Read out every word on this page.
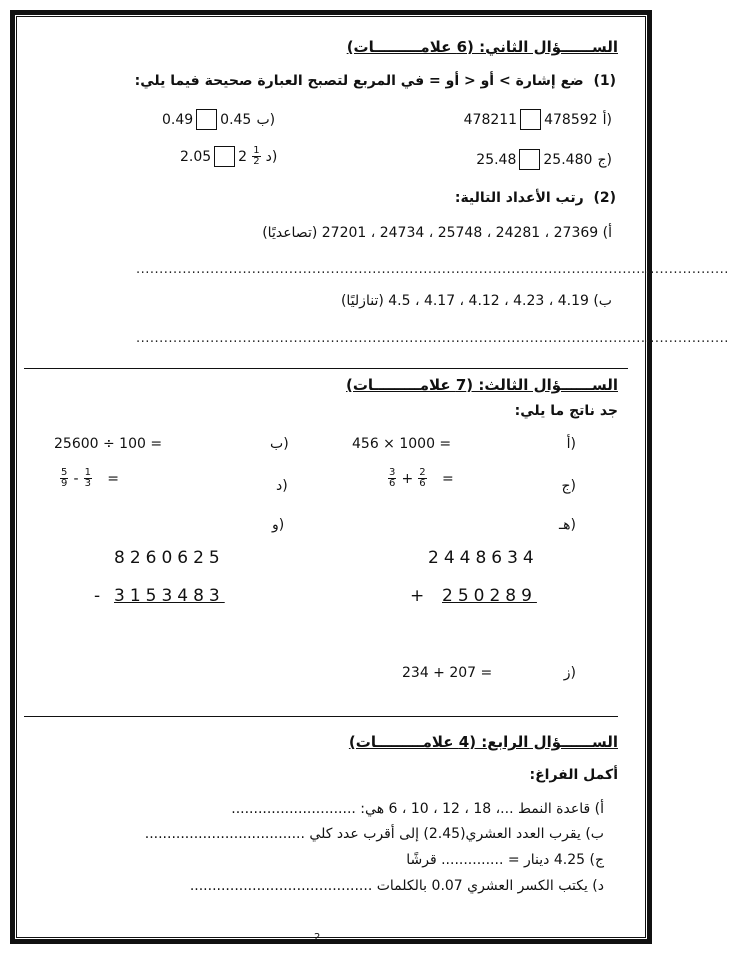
الســــــؤال الثاني: (6 علامـــــــــات)
(1)  ضع إشارة > أو < أو = في المربع لتصبح العبارة صحيحة فيما يلي:
478211 478592 أ)
0.49 0.45 ب)
25.48 25.480 ج)
2.05 $2 \frac{1}{2}$ د)
(2)  رتب الأعداد التالية:
أ) 27369 ، 24281 ، 25748 ، 24734 ، 27201 (تصاعديًا)
................................................................................................................................
ب) 4.19 ، 4.23 ، 4.12 ، 4.17 ، 4.5 (تنازليًا)
................................................................................................................................
الســــــؤال الثالث: (7 علامـــــــــات)
جد ناتج ما يلي:
أ)
456 × 1000 =
ب)
25600 ÷ 100 =
ج)
$\frac{3}{6} + \frac{2}{6}$ =
د)
$\frac{5}{9} - \frac{1}{3}$ =
هـ)
و)
2448634
+ 250289
8260625
- 3153483
ز)
234 + 207 =
الســــــؤال الرابع: (4 علامـــــــــات)
أكمل الفراغ:
أ) قاعدة النمط ...، 18 ، 12 ، 10 ، 6 هي: ............................
ب) يقرب العدد العشري(2.45) إلى أقرب عدد كلي ....................................
ج) 4.25 دينار = .............. قرشًا
د) يكتب الكسر العشري 0.07 بالكلمات .........................................
2
